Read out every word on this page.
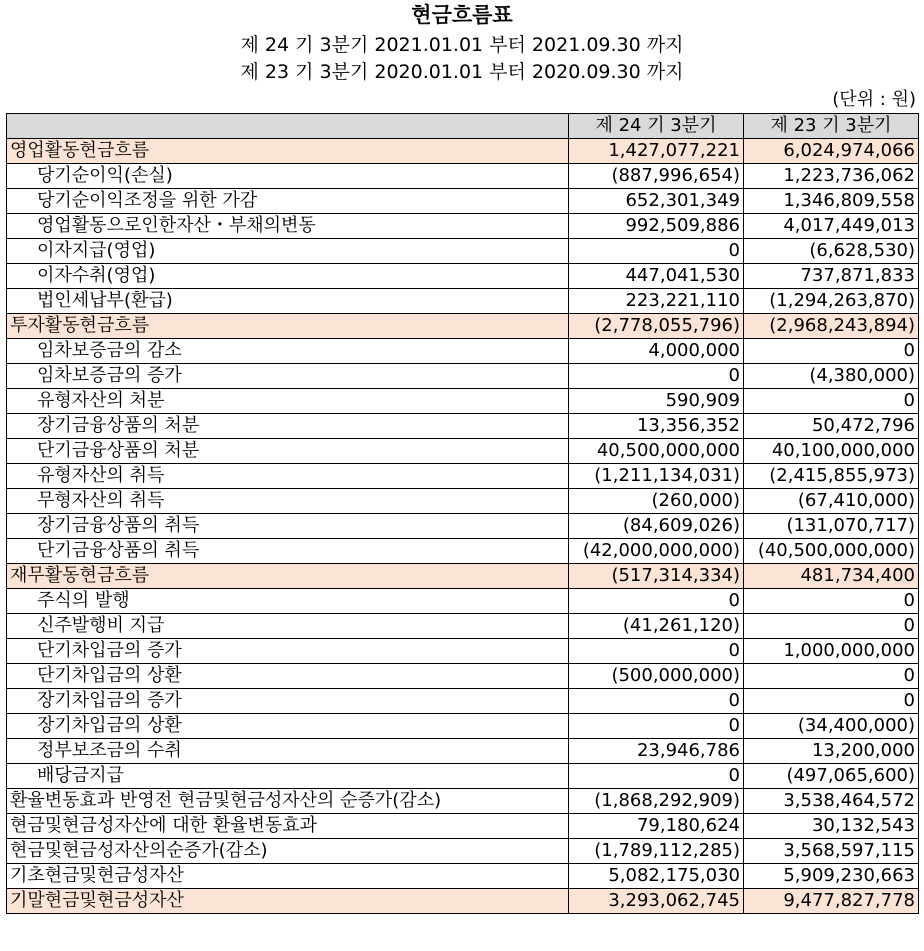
현금흐름표
제 24 기 3분기 2021.01.01 부터 2021.09.30 까지
제 23 기 3분기 2020.01.01 부터 2020.09.30 까지
(단위 : 원)
	제 24 기 3분기	제 23 기 3분기
영업활동현금흐름	1,427,077,221	6,024,974,066
당기순이익(손실)	(887,996,654)	1,223,736,062
당기순이익조정을 위한 가감	652,301,349	1,346,809,558
영업활동으로인한자산・부채의변동	992,509,886	4,017,449,013
이자지급(영업)	0	(6,628,530)
이자수취(영업)	447,041,530	737,871,833
법인세납부(환급)	223,221,110	(1,294,263,870)
투자활동현금흐름	(2,778,055,796)	(2,968,243,894)
임차보증금의 감소	4,000,000	0
임차보증금의 증가	0	(4,380,000)
유형자산의 처분	590,909	0
장기금융상품의 처분	13,356,352	50,472,796
단기금융상품의 처분	40,500,000,000	40,100,000,000
유형자산의 취득	(1,211,134,031)	(2,415,855,973)
무형자산의 취득	(260,000)	(67,410,000)
장기금융상품의 취득	(84,609,026)	(131,070,717)
단기금융상품의 취득	(42,000,000,000)	(40,500,000,000)
재무활동현금흐름	(517,314,334)	481,734,400
주식의 발행	0	0
신주발행비 지급	(41,261,120)	0
단기차입금의 증가	0	1,000,000,000
단기차입금의 상환	(500,000,000)	0
장기차입금의 증가	0	0
장기차입금의 상환	0	(34,400,000)
정부보조금의 수취	23,946,786	13,200,000
배당금지급	0	(497,065,600)
환율변동효과 반영전 현금및현금성자산의 순증가(감소)	(1,868,292,909)	3,538,464,572
현금및현금성자산에 대한 환율변동효과	79,180,624	30,132,543
현금및현금성자산의순증가(감소)	(1,789,112,285)	3,568,597,115
기초현금및현금성자산	5,082,175,030	5,909,230,663
기말현금및현금성자산	3,293,062,745	9,477,827,778
